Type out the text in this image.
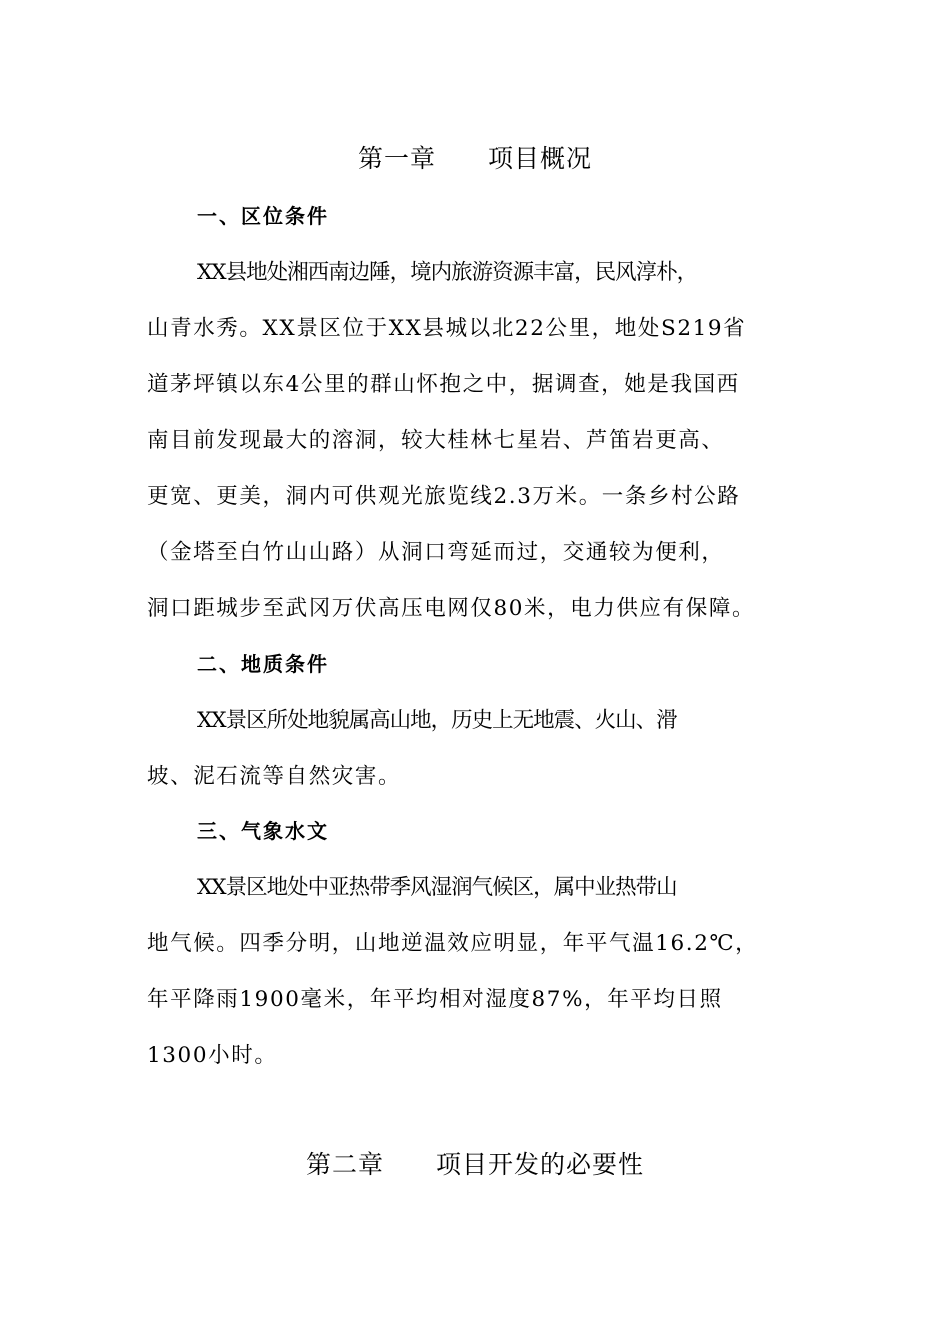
第一章　　项目概况
一、区位条件
XX县地处湘西南边陲，境内旅游资源丰富，民风淳朴，
山青水秀。XX景区位于XX县城以北22公里，地处S219省
道茅坪镇以东4公里的群山怀抱之中，据调查，她是我国西
南目前发现最大的溶洞，较大桂林七星岩、芦笛岩更高、
更宽、更美，洞内可供观光旅览线2.3万米。一条乡村公路
（金塔至白竹山山路）从洞口弯延而过，交通较为便利，
洞口距城步至武冈万伏高压电网仅80米，电力供应有保障。
二、地质条件
XX景区所处地貌属高山地，历史上无地震、火山、滑
坡、泥石流等自然灾害。
三、气象水文
XX景区地处中亚热带季风湿润气候区，属中业热带山
地气候。四季分明，山地逆温效应明显，年平气温16.2℃，
年平降雨1900毫米，年平均相对湿度87%，年平均日照
1300小时。
第二章　　项目开发的必要性
